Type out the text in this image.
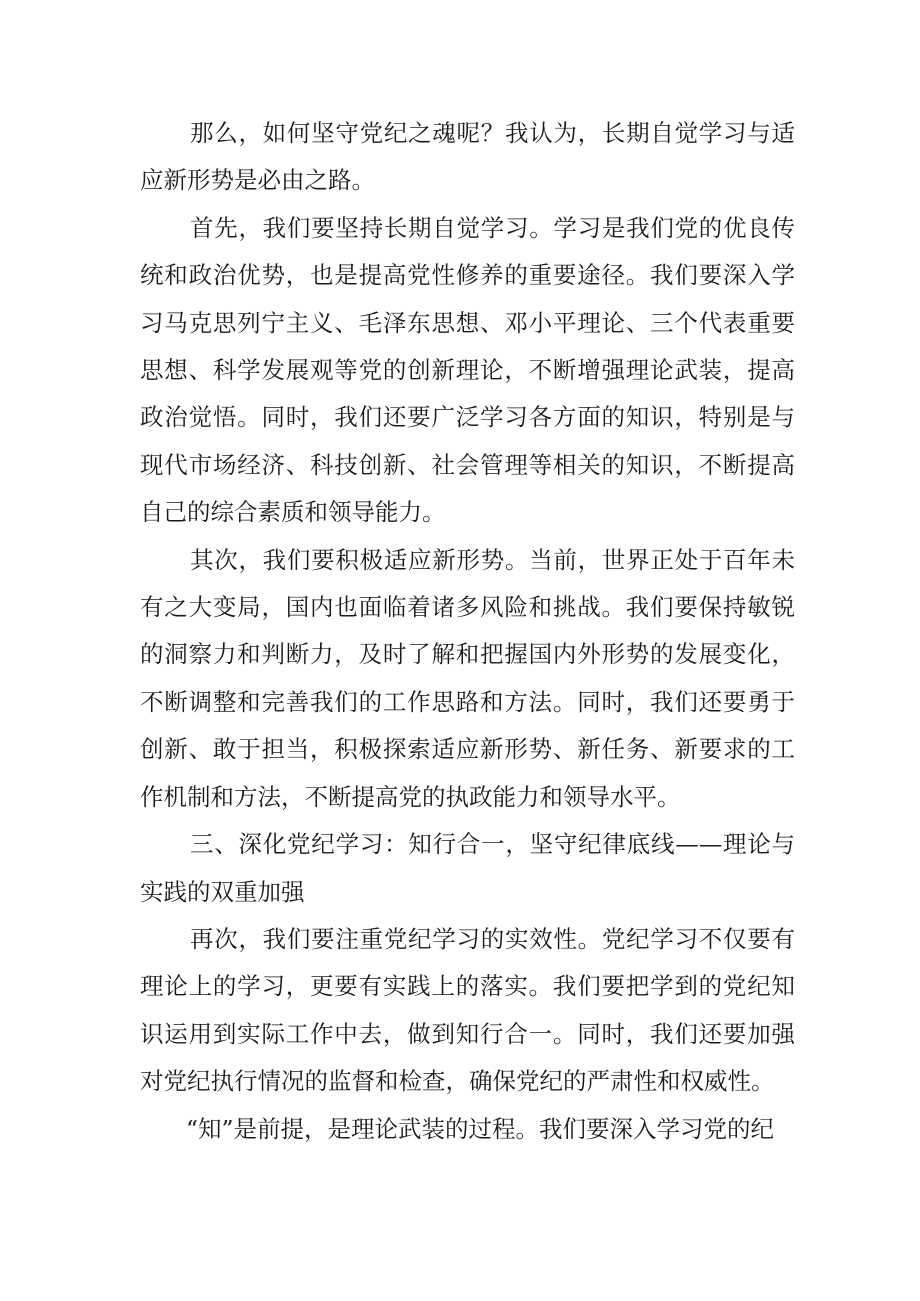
那么，如何坚守党纪之魂呢？我认为，长期自觉学习与适应新形势是必由之路。

首先，我们要坚持长期自觉学习。学习是我们党的优良传统和政治优势，也是提高党性修养的重要途径。我们要深入学习马克思列宁主义、毛泽东思想、邓小平理论、三个代表重要思想、科学发展观等党的创新理论，不断增强理论武装，提高政治觉悟。同时，我们还要广泛学习各方面的知识，特别是与现代市场经济、科技创新、社会管理等相关的知识，不断提高自己的综合素质和领导能力。

其次，我们要积极适应新形势。当前，世界正处于百年未有之大变局，国内也面临着诸多风险和挑战。我们要保持敏锐的洞察力和判断力，及时了解和把握国内外形势的发展变化，不断调整和完善我们的工作思路和方法。同时，我们还要勇于创新、敢于担当，积极探索适应新形势、新任务、新要求的工作机制和方法，不断提高党的执政能力和领导水平。

三、深化党纪学习：知行合一，坚守纪律底线——理论与实践的双重加强

再次，我们要注重党纪学习的实效性。党纪学习不仅要有理论上的学习，更要有实践上的落实。我们要把学到的党纪知识运用到实际工作中去，做到知行合一。同时，我们还要加强对党纪执行情况的监督和检查，确保党纪的严肃性和权威性。

“知”是前提，是理论武装的过程。我们要深入学习党的纪
